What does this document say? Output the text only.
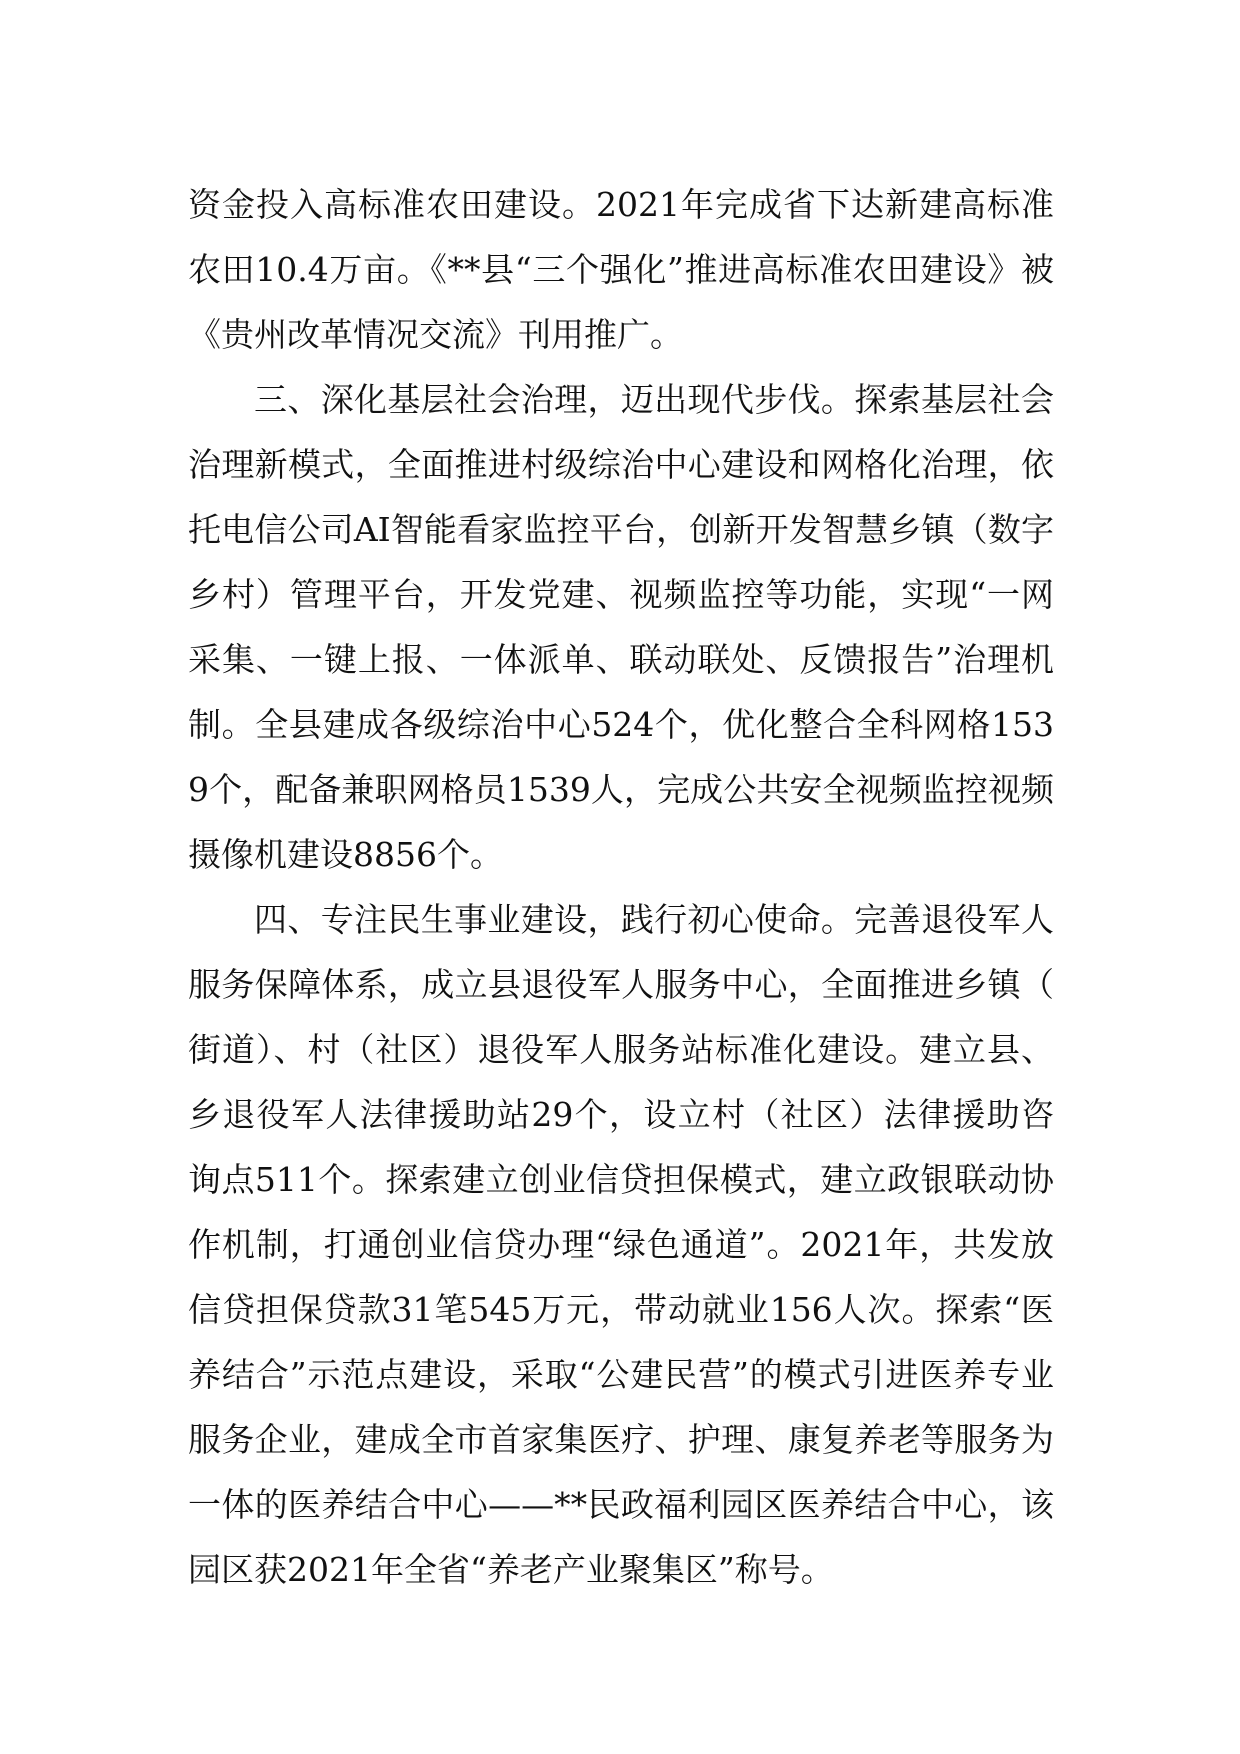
资金投入高标准农田建设。2021年完成省下达新建高标准农田10.4万亩。《**县“三个强化”推进高标准农田建设》被《贵州改革情况交流》刊用推广。

三、深化基层社会治理，迈出现代步伐。探索基层社会治理新模式，全面推进村级综治中心建设和网格化治理，依托电信公司AI智能看家监控平台，创新开发智慧乡镇（数字乡村）管理平台，开发党建、视频监控等功能，实现“一网采集、一键上报、一体派单、联动联处、反馈报告”治理机制。全县建成各级综治中心524个，优化整合全科网格1539个，配备兼职网格员1539人，完成公共安全视频监控视频摄像机建设8856个。

四、专注民生事业建设，践行初心使命。完善退役军人服务保障体系，成立县退役军人服务中心，全面推进乡镇（街道）、村（社区）退役军人服务站标准化建设。建立县、乡退役军人法律援助站29个，设立村（社区）法律援助咨询点511个。探索建立创业信贷担保模式，建立政银联动协作机制，打通创业信贷办理“绿色通道”。2021年，共发放信贷担保贷款31笔545万元，带动就业156人次。探索“医养结合”示范点建设，采取“公建民营”的模式引进医养专业服务企业，建成全市首家集医疗、护理、康复养老等服务为一体的医养结合中心——**民政福利园区医养结合中心，该园区获2021年全省“养老产业聚集区”称号。
